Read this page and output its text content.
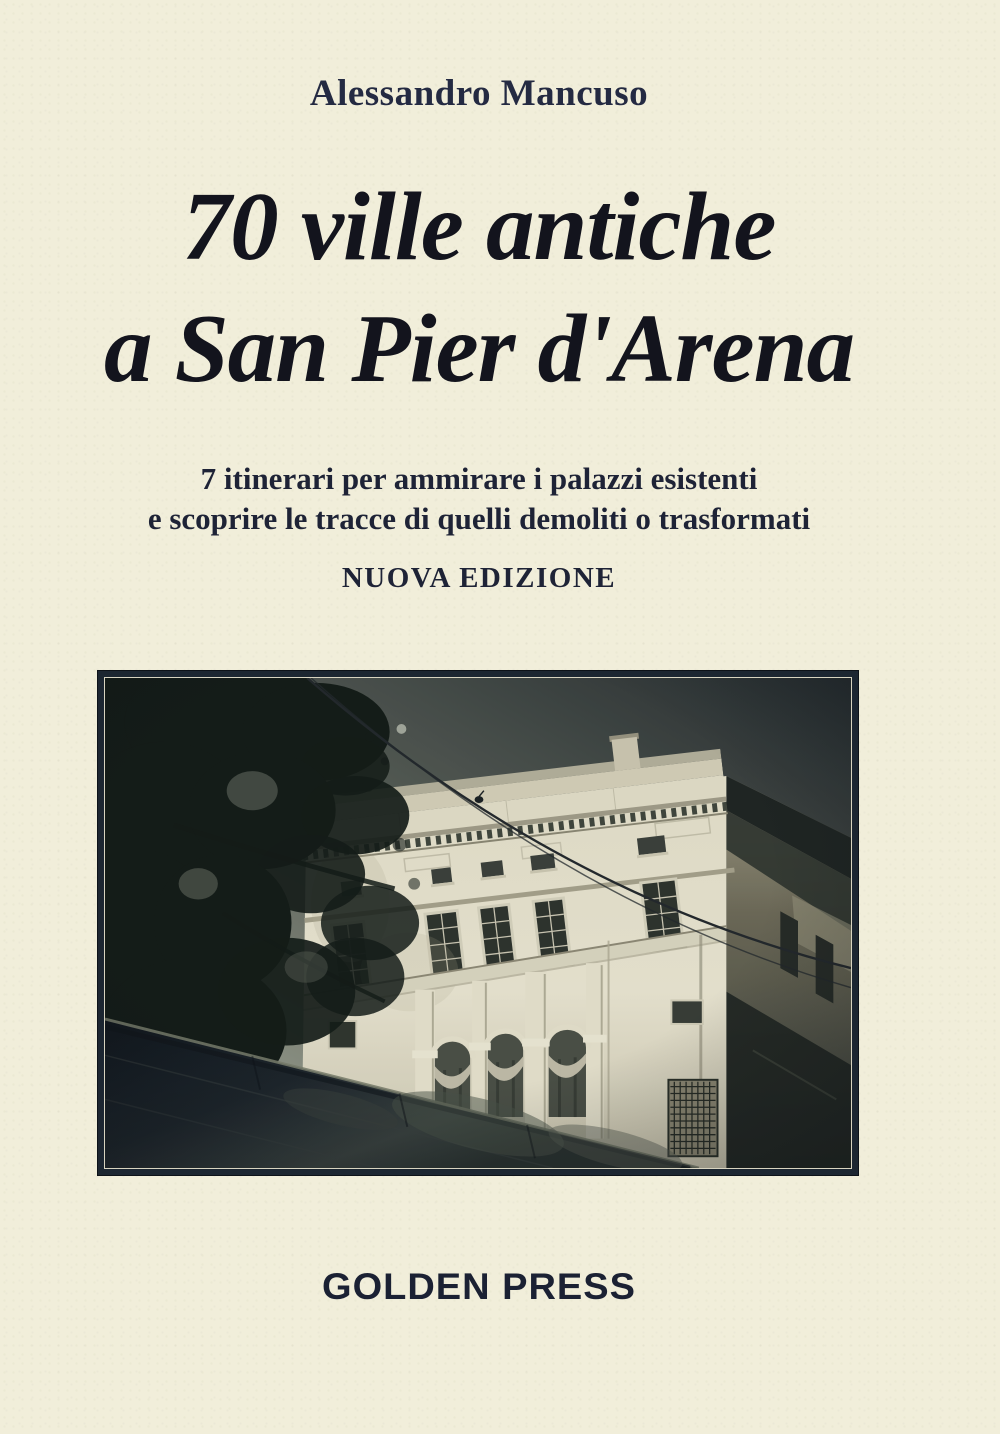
Alessandro Mancuso
70 ville antiche
a San Pier d'Arena
7 itinerari per ammirare i palazzi esistenti
e scoprire le tracce di quelli demoliti o trasformati
NUOVA EDIZIONE
GOLDEN PRESS
